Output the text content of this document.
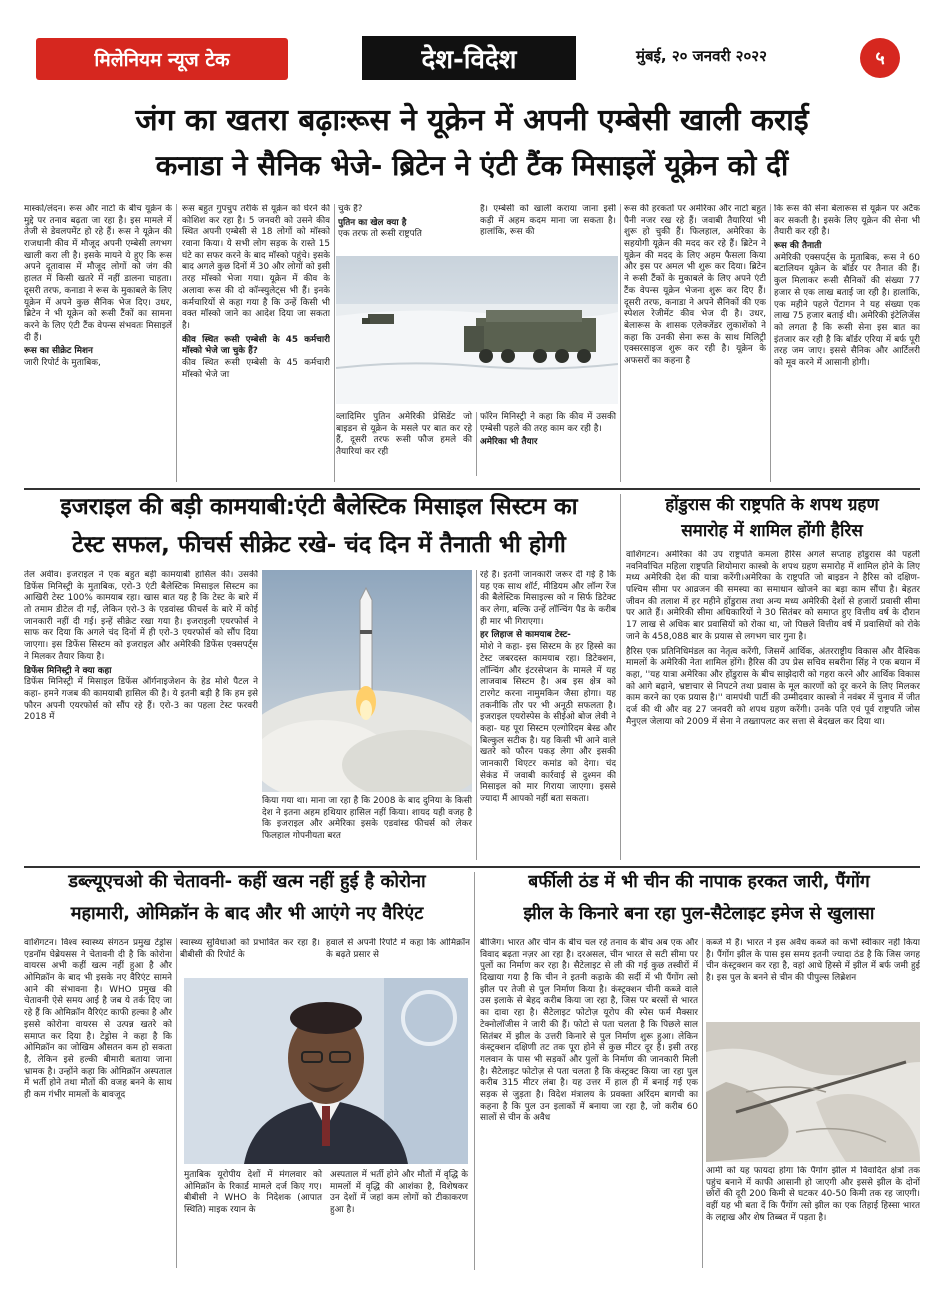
मिलेनियम न्यूज टेक	देश-विदेश	मुंबई, २० जनवरी २०२२	५
जंग का खतरा बढ़ाःरूस ने यूक्रेन में अपनी एम्बेसी खाली कराई
कनाडा ने सैनिक भेजे- ब्रिटेन ने एंटी टैंक मिसाइलें यूक्रेन को दीं
मास्को/लंदन। रूस और नाटो के बीच यूक्रेन के मुद्दे पर तनाव बढ़ता जा रहा है। इस मामले में तेजी से डेवलपमेंट हो रहे हैं। रूस ने यूक्रेन की राजधानी कीव में मौजूद अपनी एम्बेसी लगभग खाली करा ली है। इसके मायने ये हुए कि रूस अपने दूतावास में मौजूद लोगों को जंग की हालत में किसी खतरे में नहीं डालना चाहता। दूसरी तरफ, कनाडा ने रूस के मुकाबले के लिए यूक्रेन में अपने कुछ सैनिक भेज दिए। उधर, ब्रिटेन ने भी यूक्रेन को रूसी टैंकों का सामना करने के लिए एंटी टैंक वेपन्स संभवतः मिसाइलें दी हैं।
रूस का सीक्रेट मिशन
जारी रिपोर्ट के मुताबिक,
रूस बहुत गुपचुप तरीके से यूक्रेन को घेरने की कोशिश कर रहा है। 5 जनवरी को उसने कीव स्थित अपनी एम्बेसी से 18 लोगों को मॉस्को रवाना किया। ये सभी लोग सड़क के रास्ते 15 घंटे का सफर करने के बाद मॉस्को पहुंचे। इसके बाद अगले कुछ दिनों में 30 और लोगों को इसी तरह मॉस्को भेजा गया। यूक्रेन में कीव के अलावा रूस की दो कॉन्स्युलेट्स भी हैं। इनके कर्मचारियों से कहा गया है कि उन्हें किसी भी वक्त मॉस्को जाने का आदेश दिया जा सकता है।
कीव स्थित रूसी एम्बेसी के 45 कर्मचारी मॉस्को भेजे जा चुके हैं?
कीव स्थित रूसी एम्बेसी के 45 कर्मचारी मॉस्को भेजे जा
चुके हैं?
पुतिन का खेल क्या है
एक तरफ तो रूसी राष्ट्रपति
है। एम्बेसी को खाली कराया जाना इसी कड़ी में अहम कदम माना जा सकता है। हालांकि, रूस की
व्लादिमिर पुतिन अमेरिकी प्रेसिडेंट जो बाइडन से यूक्रेन के मसले पर बात कर रहे हैं, दूसरी तरफ रूसी फौज हमले की तैयारियां कर रही
फॉरेन मिनिस्ट्री ने कहा कि कीव में उसकी एम्बेसी पहले की तरह काम कर रही है।
अमेरिका भी तैयार
रूस की हरकतों पर अमेरिका और नाटो बहुत पैनी नजर रख रहे हैं। जवाबी तैयारियां भी शुरू हो चुकी हैं। फिलहाल, अमेरिका के सहयोगी यूक्रेन की मदद कर रहे हैं। ब्रिटेन ने यूक्रेन की मदद के लिए अहम फैसला किया और इस पर अमल भी शुरू कर दिया। ब्रिटेन ने रूसी टैंकों के मुकाबले के लिए अपने एंटी टैंक वेपन्स यूक्रेन भेजना शुरू कर दिए हैं। दूसरी तरफ, कनाडा ने अपने सैनिकों की एक स्पेशल रेजीमेंट कीव भेज दी है। उधर, बेलारूस के शासक एलेक्जेंडर लुकाशेंको ने कहा कि उनकी सेना रूस के साथ मिलिट्री एक्सरसाइज शुरू कर रही है। यूक्रेन के अफसरों का कहना है
कि रूस की सेना बेलारूस से यूक्रेन पर अटैक कर सकती है। इसके लिए यूक्रेन की सेना भी तैयारी कर रही है।
रूस की तैनाती
अमेरिकी एक्सपर्ट्स के मुताबिक, रूस ने 60 बटालियन यूक्रेन के बॉर्डर पर तैनात की हैं। कुल मिलाकर रूसी सैनिकों की संख्या 77 हजार से एक लाख बताई जा रही है। हालांकि, एक महीने पहले पेंटागन ने यह संख्या एक लाख 75 हजार बताई थी। अमेरिकी इंटेलिजेंस को लगता है कि रूसी सेना इस बात का इंतजार कर रही है कि बॉर्डर एरिया में बर्फ पूरी तरह जम जाए। इससे सैनिक और आर्टिलरी को मूव करने में आसानी होगी।
इजराइल की बड़ी कामयाबी:एंटी बैलेस्टिक मिसाइल सिस्टम का
टेस्ट सफल, फीचर्स सीक्रेट रखे- चंद दिन में तैनाती भी होगी
तेल अवीव। इजराइल ने एक बहुत बड़ी कामयाबी हासिल की। उसकी डिफेंस मिनिस्ट्री के मुताबिक, एरो-3 एंटी बैलेस्टिक मिसाइल सिस्टम का आखिरी टेस्ट 100% कामयाब रहा। खास बात यह है कि टेस्ट के बारे में तो तमाम डीटेल दी गईं, लेकिन एरो-3 के एडवांस्ड फीचर्स के बारे में कोई जानकारी नहीं दी गई। इन्हें सीक्रेट रखा गया है। इजराइली एयरफोर्स ने साफ कर दिया कि अगले चंद दिनों में ही एरो-3 एयरफोर्स को सौंप दिया जाएगा। इस डिफेंस सिस्टम को इजराइल और अमेरिकी डिफेंस एक्सपर्ट्स ने मिलकर तैयार किया है।
डिफेंस मिनिस्ट्री ने क्या कहा
डिफेंस मिनिस्ट्री में मिसाइल डिफेंस ऑर्गनाइजेशन के हेड मोशे पैटल ने कहा- हमने गजब की कामयाबी हासिल की है। ये इतनी बड़ी है कि हम इसे फौरन अपनी एयरफोर्स को सौंप रहे हैं। एरो-3 का पहला टेस्ट फरवरी 2018 में
किया गया था। माना जा रहा है कि 2008 के बाद दुनिया के किसी देश ने इतना अहम हथियार हासिल नहीं किया। शायद यही वजह है कि इजराइल और अमेरिका इसके एडवांस्ड फीचर्स को लेकर फिलहाल गोपनीयता बरत
रहे हैं। इतनी जानकारी जरूर दी गई है कि यह एक साथ शॉर्ट, मीडियम और लॉन्ग रेंज की बैलेस्टिक मिसाइल्स को न सिर्फ डिटेक्ट कर लेगा, बल्कि उन्हें लॉन्चिंग पैड के करीब ही मार भी गिराएगा।
हर लिहाज से कामयाब टेस्ट-
मोशे ने कहा- इस सिस्टम के हर हिस्से का टेस्ट जबरदस्त कामयाब रहा। डिटेक्शन, लॉन्चिंग और इंटरसेप्शन के मामले में यह लाजवाब सिस्टम है। अब इस क्षेत्र को टारगेट करना नामुमकिन जैसा होगा। यह तकनीकि तौर पर भी अनूठी सफलता है। इजराइल एयरोस्पेस के सीईओ बोज लेवी ने कहा- यह पूरा सिस्टम एल्गोरिदम बेस्ड और बिल्कुल सटीक है। यह किसी भी आने वाले खतरे को फौरन पकड़ लेगा और इसकी जानकारी थिएटर कमांड को देगा। चंद सेकंड में जवाबी कार्रवाई से दुश्मन की मिसाइल को मार गिराया जाएगा। इससे ज्यादा मैं आपको नहीं बता सकता।
होंडुरास की राष्ट्रपति के शपथ ग्रहण
समारोह में शामिल होंगी हैरिस
वाशिंगटन। अमेरिका की उप राष्ट्रपति कमला हैरिस अगले सप्ताह होंडुरास की पहली नवनिर्वाचित महिला राष्ट्रपति शियोमारा कास्त्रो के शपथ ग्रहण समारोह में शामिल होने के लिए मध्य अमेरिकी देश की यात्रा करेंगी।अमेरिका के राष्ट्रपति जो बाइडन ने हैरिस को दक्षिण-पश्चिम सीमा पर आव्रजन की समस्या का समाधान खोजने का बड़ा काम सौंपा है। बेहतर जीवन की तलाश में हर महीने होंडुरास तथा अन्य मध्य अमेरिकी देशों से हजारों प्रवासी सीमा पर आते हैं। अमेरिकी सीमा अधिकारियों ने 30 सितंबर को समाप्त हुए वित्तीय वर्ष के दौरान 17 लाख से अधिक बार प्रवासियों को रोका था, जो पिछले वित्तीय वर्ष में प्रवासियों को रोके जाने के 458,088 बार के प्रयास से लगभग चार गुना है।
हैरिस एक प्रतिनिधिमंडल का नेतृत्व करेंगी, जिसमें आर्थिक, अंतरराष्ट्रीय विकास और वैश्विक मामलों के अमेरिकी नेता शामिल होंगे। हैरिस की उप प्रेस सचिव सबरीना सिंह ने एक बयान में कहा, ''यह यात्रा अमेरिका और होंडुरास के बीच साझेदारी को गहरा करने और आर्थिक विकास को आगे बढ़ाने, भ्रष्टाचार से निपटने तथा प्रवास के मूल कारणों को दूर करने के लिए मिलकर काम करने का एक प्रयास है।'' वामपंथी पार्टी की उम्मीदवार कास्त्रो ने नवंबर में चुनाव में जीत दर्ज की थी और वह 27 जनवरी को शपथ ग्रहण करेंगी। उनके पति एवं पूर्व राष्ट्रपति जोस मैनुएल जेलाया को 2009 में सेना ने तख्तापलट कर सत्ता से बेदखल कर दिया था।
डब्ल्यूएचओ की चेतावनी- कहीं खत्म नहीं हुई है कोरोना
महामारी, ओमिक्रॉन के बाद और भी आएंगे नए वैरिएंट
वाशिंगटन। विश्व स्वास्थ्य संगठन प्रमुख टेड्रोस एडनॉम घेब्रेयसस ने चेतावनी दी है कि कोरोना वायरस अभी कहीं खत्म नहीं हुआ है और ओमिक्रॉन के बाद भी इसके नए वैरिएंट सामने आने की संभावना है। WHO प्रमुख की चेतावनी ऐसे समय आई है जब ये तर्क दिए जा रहे हैं कि ओमिक्रॉन वैरिएंट काफी हल्का है और इससे कोरोना वायरस से उत्पन्न खतरे को समाप्त कर दिया है। टेड्रोस ने कहा है कि ओमिक्रॉन का जोखिम औसतन कम हो सकता है, लेकिन इसे हल्की बीमारी बताया जाना भ्रामक है। उन्होंने कहा कि ओमिक्रॉन अस्पताल में भर्ती होने तथा मौतों की वजह बनने के साथ ही कम गंभीर मामलों के बावजूद
स्वास्थ्य सुविधाओं को प्रभावित कर रहा है। बीबीसी की रिपोर्ट के
हवाले से अपनी रिपोर्ट में कहा कि ओमिक्रॉन के बढ़ते प्रसार से
मुताबिक यूरोपीय देशों में मंगलवार को ओमिक्रॉन के रिकार्ड मामले दर्ज किए गए। बीबीसी ने WHO के निदेशक (आपात स्थिति) माइक रयान के
अस्पताल में भर्ती होने और मौतों में वृद्धि के मामलों में वृद्धि की आशंका है, विशेषकर उन देशों में जहां कम लोगों को टीकाकरण हुआ है।
बर्फीली ठंड में भी चीन की नापाक हरकत जारी, पैंगोंग
झील के किनारे बना रहा पुल-सैटेलाइट इमेज से खुलासा
बीजिंग। भारत और चीन के बीच चल रहे तनाव के बीच अब एक और विवाद बढ़ता नज़र आ रहा है। दरअसल, चीन भारत से सटी सीमा पर पुलों का निर्माण कर रहा है। सैटेलाइट से ली की गई कुछ तस्वीरों में दिखाया गया है कि चीन ने इतनी कड़ाके की सर्दी में भी पैंगोंग त्सो झील पर तेजी से पुल निर्माण किया है। कंस्ट्रक्शन चीनी कब्जे वाले उस इलाके से बेहद करीब किया जा रहा है, जिस पर बरसों से भारत का दावा रहा है। सैटेलाइट फोटोज़ यूरोप की स्पेस फर्म मैक्सार टेक्नोलॉजीस ने जारी की हैं। फोटो से पता चलता है कि पिछले साल सितंबर में झील के उत्तरी किनारे से पुल निर्माण शुरू हुआ। लेकिन कंस्ट्रक्शन दक्षिणी तट तक पूरा होने से कुछ मीटर दूर है। इसी तरह गलवान के पास भी सड़कों और पुलों के निर्माण की जानकारी मिली है। सैटेलाइट फोटोज़ से पता चलता है कि कंस्ट्रक्ट किया जा रहा पुल करीब 315 मीटर लंबा है। यह उत्तर में हाल ही में बनाई गई एक सड़क से जुड़ता है। विदेश मंत्रालय के प्रवक्ता अरिंदम बागची का कहना है कि पुल उन इलाकों में बनाया जा रहा है, जो करीब 60 सालों से चीन के अवैध
कब्जे में हैं। भारत ने इस अवैध कब्जे को कभी स्वीकार नहीं किया है। पैंगोंग झील के पास इस समय इतनी ज्यादा ठंड है कि जिस जगह चीन कंस्ट्रक्शन कर रहा है, वहां आधे हिस्से में झील में बर्फ जमी हुई है। इस पुल के बनने से चीन की पीपुल्स लिब्रेशन
आर्मी को यह फायदा होगा कि पैंगोंग झील में विवादित क्षेत्रों तक पहुंच बनाने में काफी आसानी हो जाएगी और इससे झील के दोनों छोरों की दूरी 200 किमी से घटकर 40-50 किमी तक रह जाएगी। वहीं यह भी बता दें कि पैंगोंग त्सो झील का एक तिहाई हिस्सा भारत के लद्दाख और शेष तिब्बत में पड़ता है।
